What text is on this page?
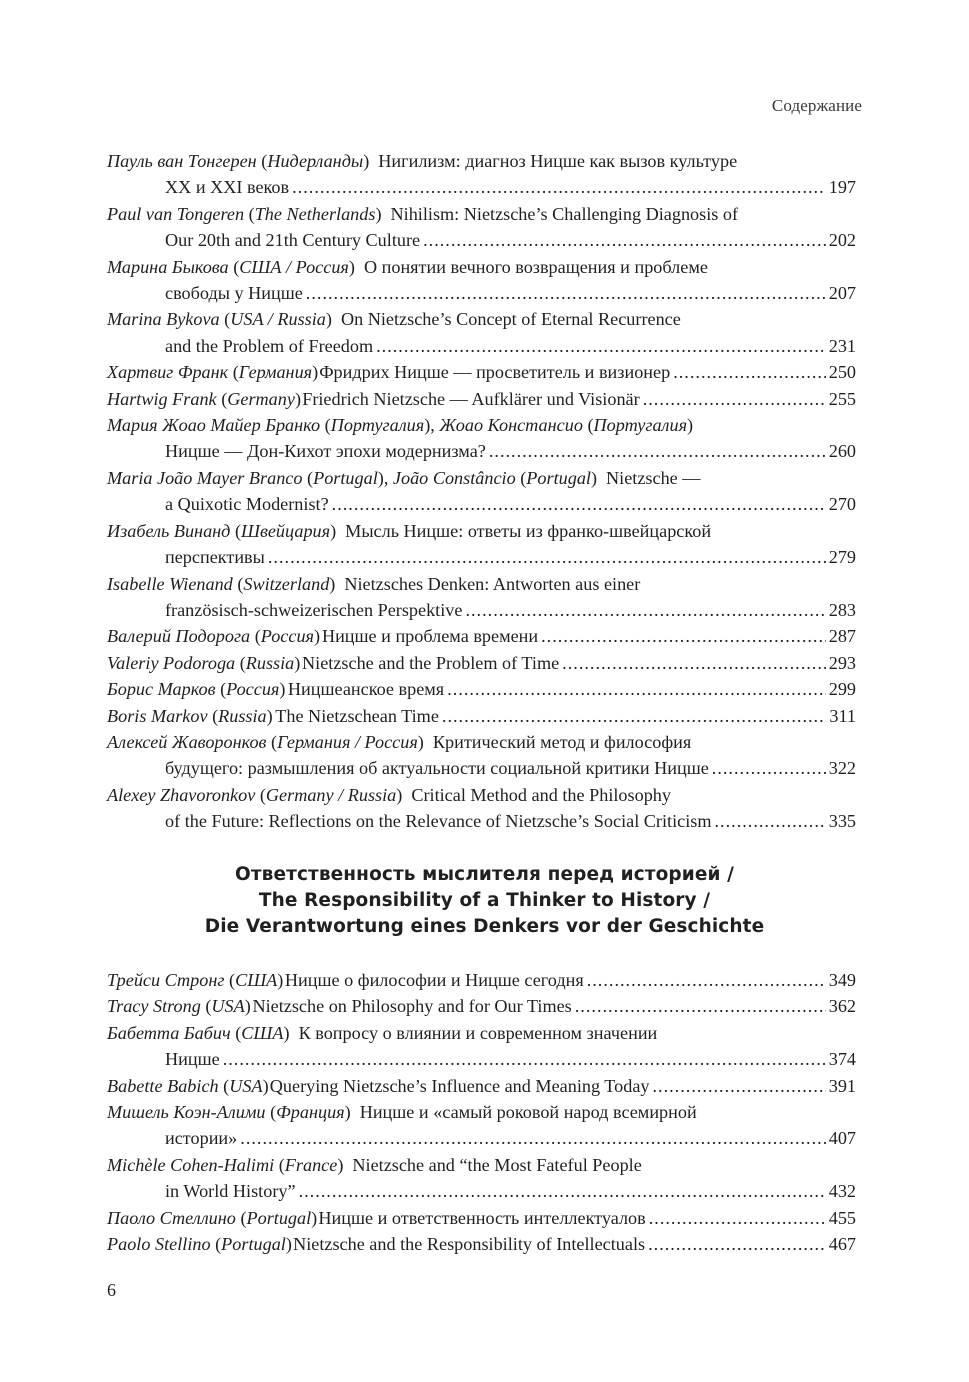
Содержание
Пауль ван Тонгерен (Нидерланды) Нигилизм: диагноз Ницше как вызов культуре
XX и XXI веков .....	197
Paul van Tongeren (The Netherlands) Nihilism: Nietzsche’s Challenging Diagnosis of
Our 20th and 21th Century Culture .....	202
Марина Быкова (США / Россия) О понятии вечного возвращения и проблеме
свободы у Ницше .....	207
Marina Bykova (USA / Russia) On Nietzsche’s Concept of Eternal Recurrence
and the Problem of Freedom .....	231
Хартвиг Франк (Германия) Фридрих Ницше — просветитель и визионер .....	250
Hartwig Frank (Germany) Friedrich Nietzsche — Aufklärer und Visionär .....	255
Мария Жоао Майер Бранко (Португалия), Жоао Констансио (Португалия)
Ницше — Дон-Кихот эпохи модернизма? .....	260
Maria João Mayer Branco (Portugal), João Constâncio (Portugal) Nietzsche —
a Quixotic Modernist? .....	270
Изабель Винанд (Швейцария) Мысль Ницше: ответы из франко-швейцарской
перспективы .....	279
Isabelle Wienand (Switzerland) Nietzsches Denken: Antworten aus einer
französisch-schweizerischen Perspektive .....	283
Валерий Подорога (Россия) Ницше и проблема времени .....	287
Valeriy Podoroga (Russia) Nietzsche and the Problem of Time .....	293
Борис Марков (Россия) Ницшеанское время .....	299
Boris Markov (Russia) The Nietzschean Time .....	311
Алексей Жаворонков (Германия / Россия) Критический метод и философия
будущего: размышления об актуальности социальной критики Ницше .....	322
Alexey Zhavoronkov (Germany / Russia) Critical Method and the Philosophy
of the Future: Reflections on the Relevance of Nietzsche’s Social Criticism .....	335
Ответственность мыслителя перед историей /
The Responsibility of a Thinker to History /
Die Verantwortung eines Denkers vor der Geschichte
Трейси Стронг (США) Ницше о философии и Ницше сегодня .....	349
Tracy Strong (USA) Nietzsche on Philosophy and for Our Times .....	362
Бабетта Бабич (США) К вопросу о влиянии и современном значении
Ницше .....	374
Babette Babich (USA) Querying Nietzsche’s Influence and Meaning Today .....	391
Мишель Коэн-Алими (Франция) Ницше и «самый роковой народ всемирной
истории» .....	407
Michèle Cohen-Halimi (France) Nietzsche and “the Most Fateful People
in World History” .....	432
Паоло Стеллино (Portugal) Ницше и ответственность интеллектуалов .....	455
Paolo Stellino (Portugal) Nietzsche and the Responsibility of Intellectuals .....	467
6
